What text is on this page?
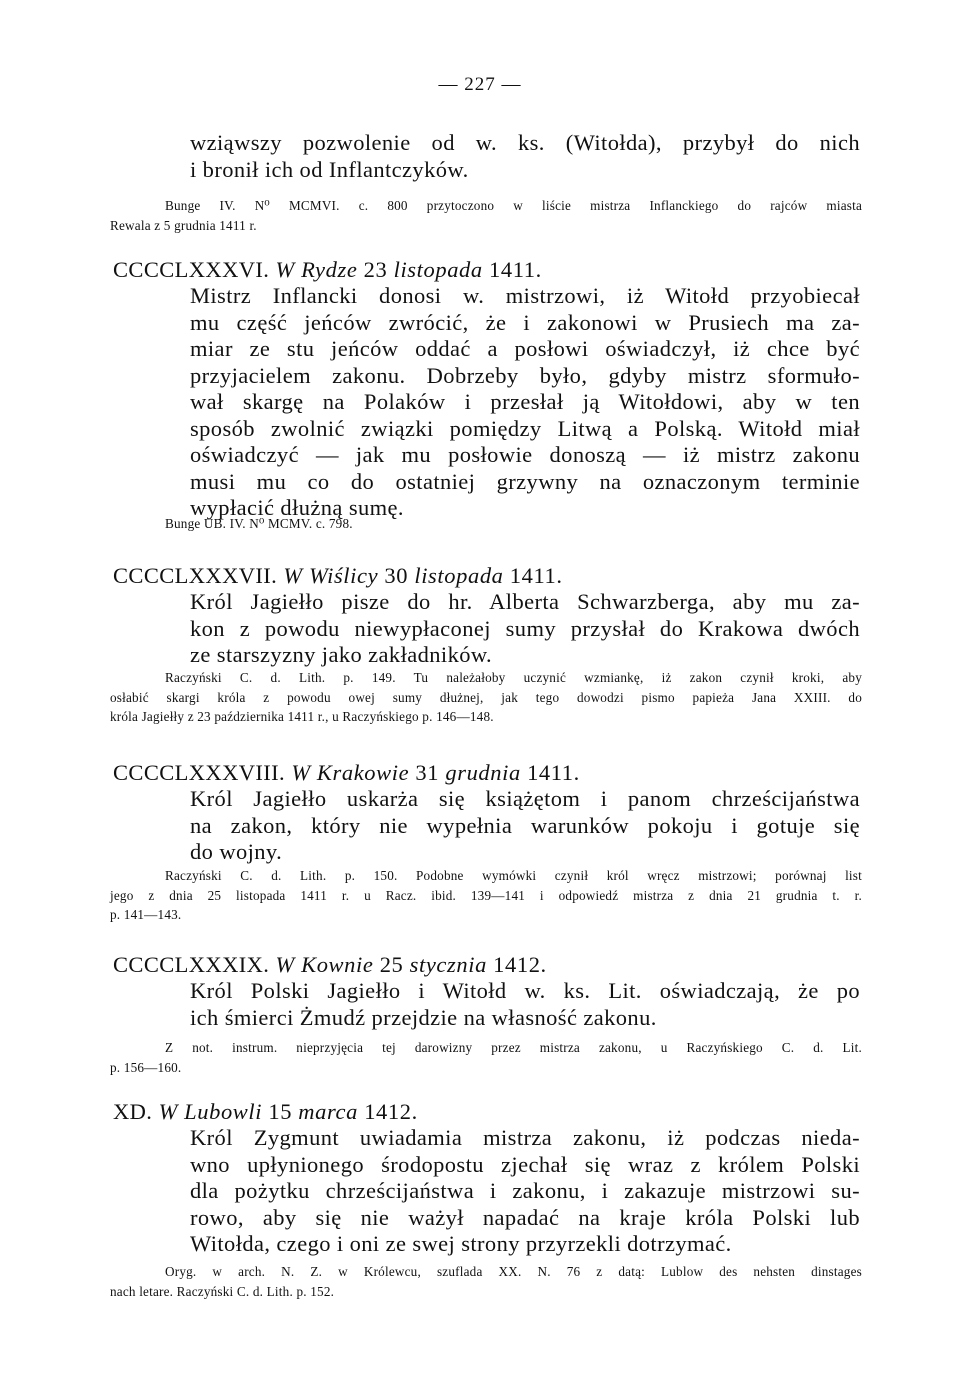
— 227 —
wziąwszy pozwolenie od w. ks. (Witołda), przybył do nich
i bronił ich od Inflantczyków.
Bunge IV. N⁰ MCMVI. c. 800 przytoczono w liście mistrza Inflanckiego do rajców miasta
Rewala z 5 grudnia 1411 r.
CCCCLXXXVI. W Rydze 23 listopada 1411.
Mistrz Inflancki donosi w. mistrzowi, iż Witołd przyobiecał
mu część jeńców zwrócić, że i zakonowi w Prusiech ma za-
miar ze stu jeńców oddać a posłowi oświadczył, iż chce być
przyjacielem zakonu. Dobrzeby było, gdyby mistrz sformuło-
wał skargę na Polaków i przesłał ją Witołdowi, aby w ten
sposób zwolnić związki pomiędzy Litwą a Polską. Witołd miał
oświadczyć — jak mu posłowie donoszą — iż mistrz zakonu
musi mu co do ostatniej grzywny na oznaczonym terminie
wypłacić dłużną sumę.
Bunge UB. IV. N⁰ MCMV. c. 798.
CCCCLXXXVII. W Wiślicy 30 listopada 1411.
Król Jagiełło pisze do hr. Alberta Schwarzberga, aby mu za-
kon z powodu niewypłaconej sumy przysłał do Krakowa dwóch
ze starszyzny jako zakładników.
Raczyński C. d. Lith. p. 149. Tu należałoby uczynić wzmiankę, iż zakon czynił kroki, aby
osłabić skargi króla z powodu owej sumy dłużnej, jak tego dowodzi pismo papieża Jana XXIII. do
króla Jagiełły z 23 października 1411 r., u Raczyńskiego p. 146—148.
CCCCLXXXVIII. W Krakowie 31 grudnia 1411.
Król Jagiełło uskarża się książętom i panom chrześcijaństwa
na zakon, który nie wypełnia warunków pokoju i gotuje się
do wojny.
Raczyński C. d. Lith. p. 150. Podobne wymówki czynił król wręcz mistrzowi; porównaj list
jego z dnia 25 listopada 1411 r. u Racz. ibid. 139—141 i odpowiedź mistrza z dnia 21 grudnia t. r.
p. 141—143.
CCCCLXXXIX. W Kownie 25 stycznia 1412.
Król Polski Jagiełło i Witołd w. ks. Lit. oświadczają, że po
ich śmierci Żmudź przejdzie na własność zakonu.
Z not. instrum. nieprzyjęcia tej darowizny przez mistrza zakonu, u Raczyńskiego C. d. Lit.
p. 156—160.
XD. W Lubowli 15 marca 1412.
Król Zygmunt uwiadamia mistrza zakonu, iż podczas nieda-
wno upłynionego środopostu zjechał się wraz z królem Polski
dla pożytku chrześcijaństwa i zakonu, i zakazuje mistrzowi su-
rowo, aby się nie ważył napadać na kraje króla Polski lub
Witołda, czego i oni ze swej strony przyrzekli dotrzymać.
Oryg. w arch. N. Z. w Królewcu, szuflada XX. N. 76 z datą: Lublow des nehsten dinstages
nach letare. Raczyński C. d. Lith. p. 152.
